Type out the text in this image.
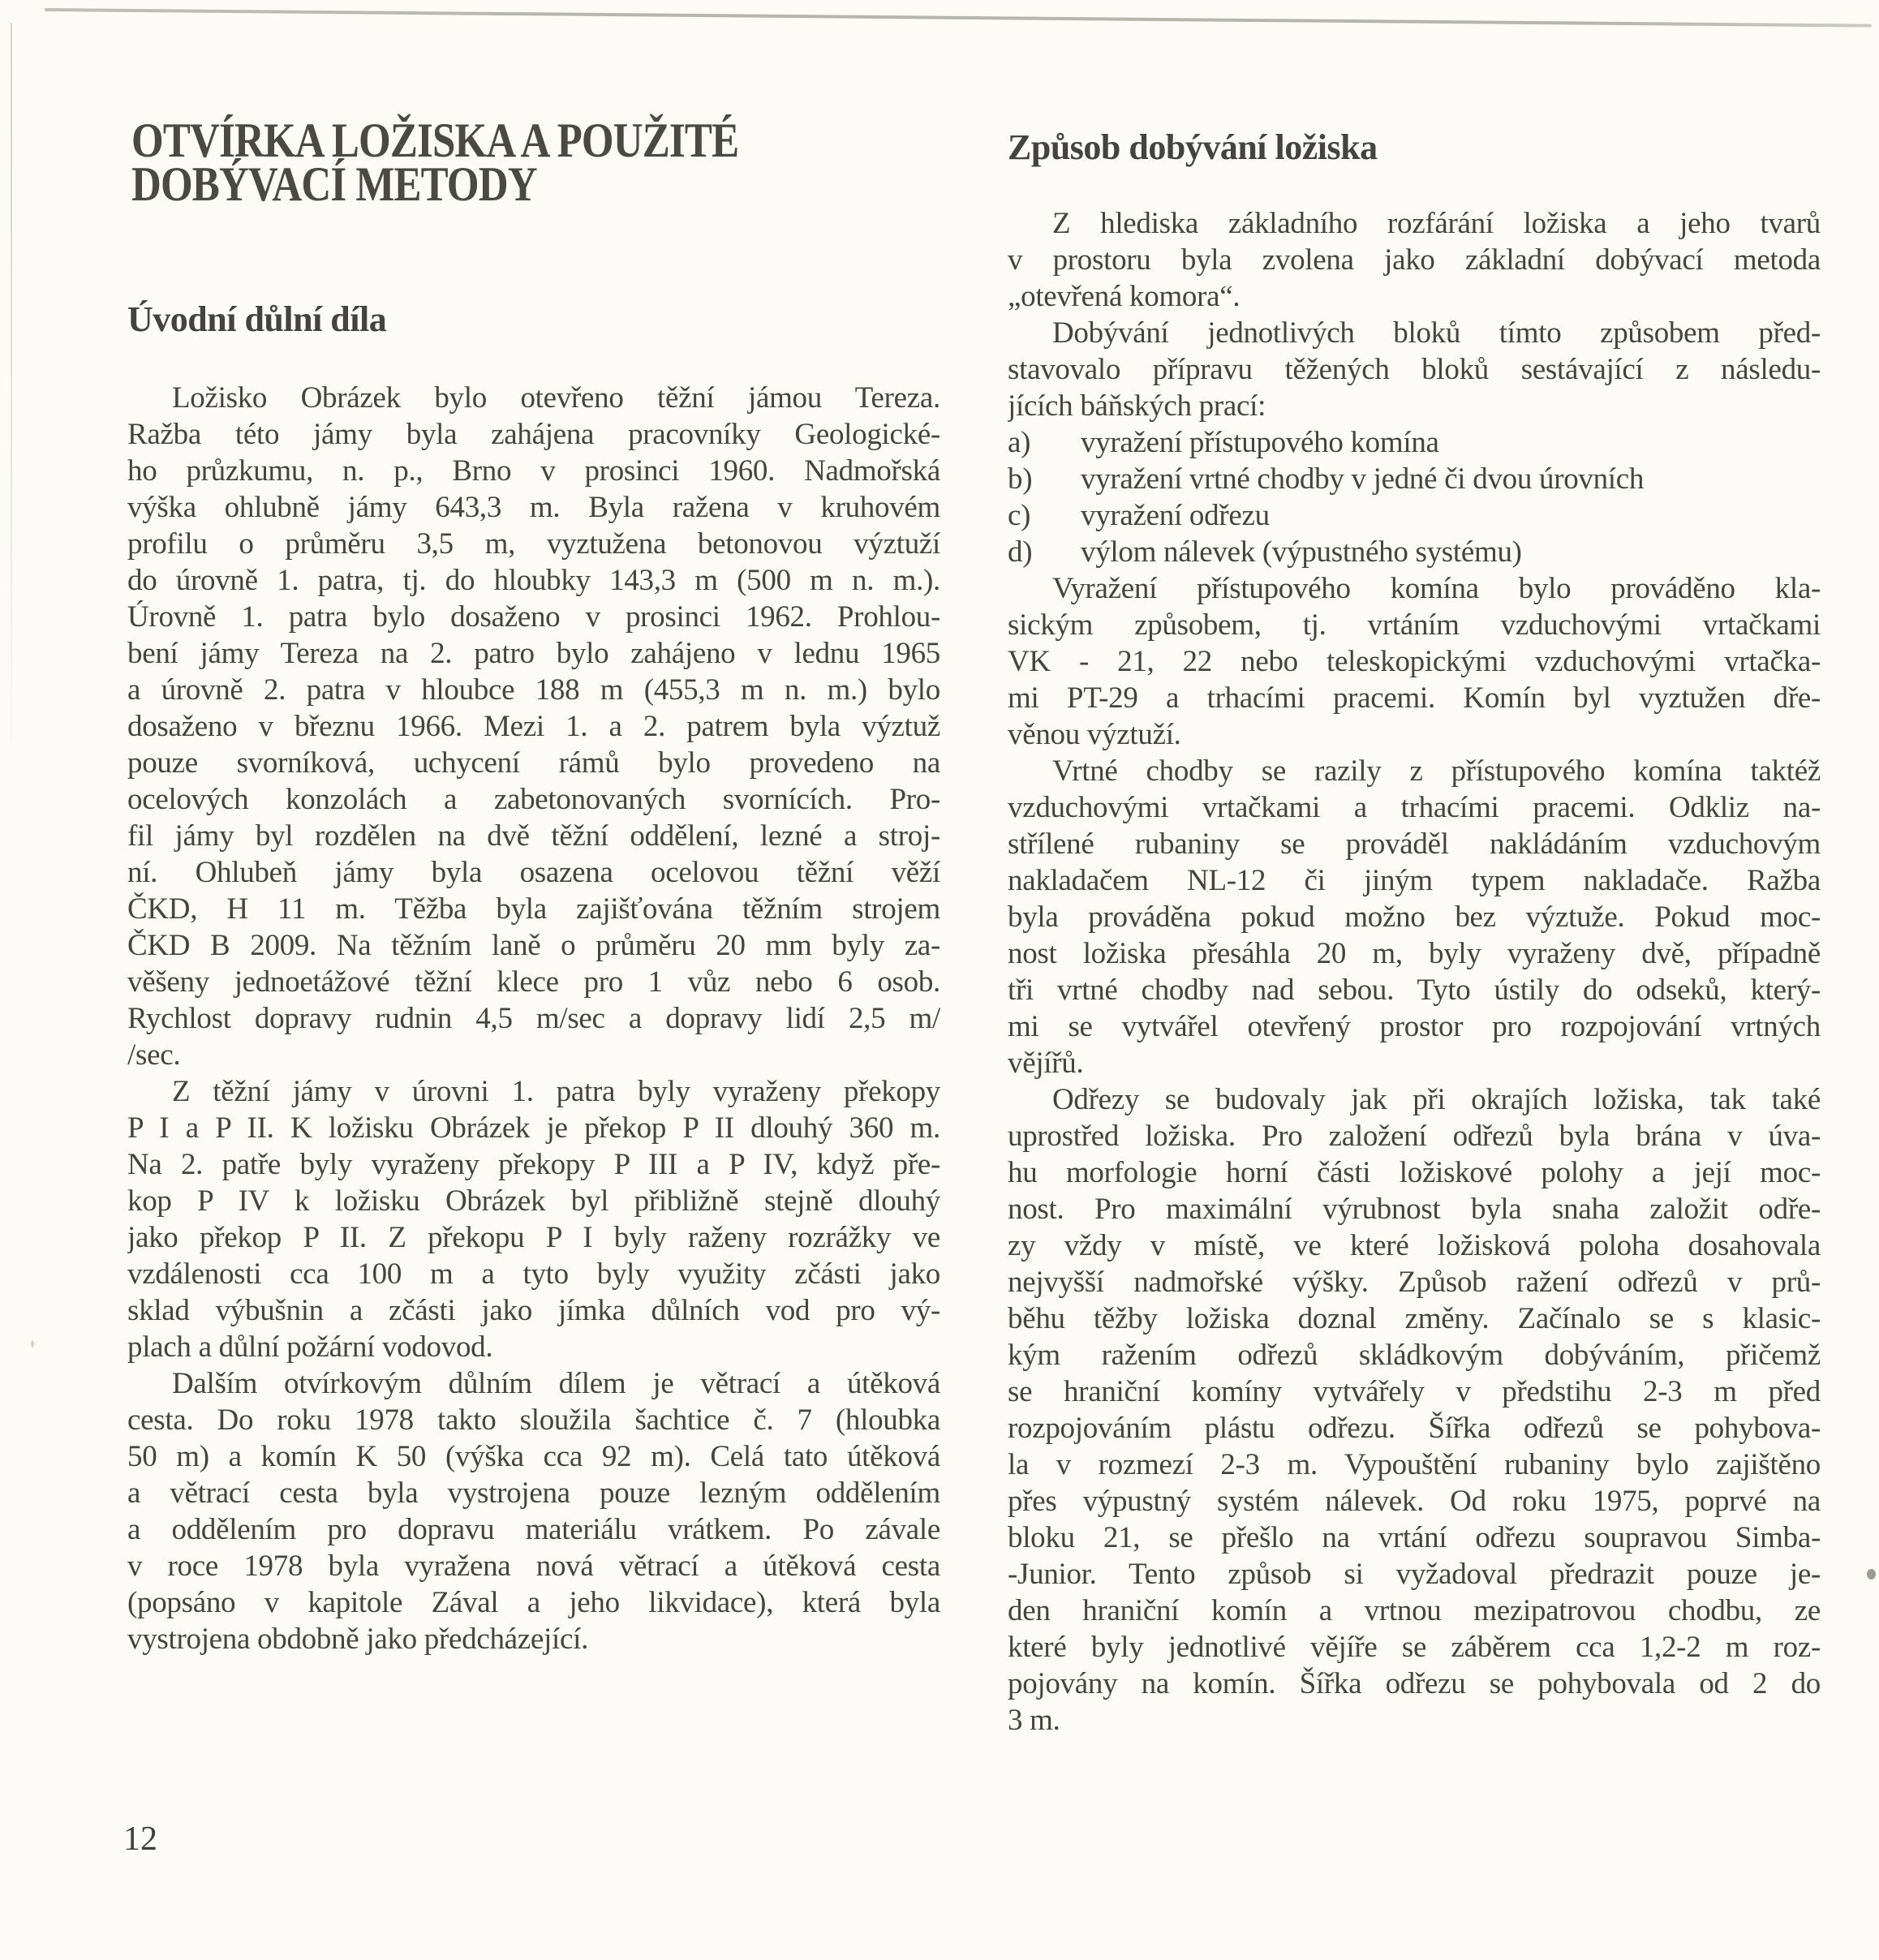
OTVÍRKA LOŽISKA A POUŽITÉ
DOBÝVACÍ METODY
Úvodní důlní díla
Ložisko Obrázek bylo otevřeno těžní jámou Tereza.
Ražba této jámy byla zahájena pracovníky Geologické-
ho průzkumu, n. p., Brno v prosinci 1960. Nadmořská
výška ohlubně jámy 643,3 m. Byla ražena v kruhovém
profilu o průměru 3,5 m, vyztužena betonovou výztuží
do úrovně 1. patra, tj. do hloubky 143,3 m (500 m n. m.).
Úrovně 1. patra bylo dosaženo v prosinci 1962. Prohlou-
bení jámy Tereza na 2. patro bylo zahájeno v lednu 1965
a úrovně 2. patra v hloubce 188 m (455,3 m n. m.) bylo
dosaženo v březnu 1966. Mezi 1. a 2. patrem byla výztuž
pouze svorníková, uchycení rámů bylo provedeno na
ocelových konzolách a zabetonovaných svornících. Pro-
fil jámy byl rozdělen na dvě těžní oddělení, lezné a stroj-
ní. Ohlubeň jámy byla osazena ocelovou těžní věží
ČKD, H 11 m. Těžba byla zajišťována těžním strojem
ČKD B 2009. Na těžním laně o průměru 20 mm byly za-
věšeny jednoetážové těžní klece pro 1 vůz nebo 6 osob.
Rychlost dopravy rudnin 4,5 m/sec a dopravy lidí 2,5 m/
/sec.
Z těžní jámy v úrovni 1. patra byly vyraženy překopy
P I a P II. K ložisku Obrázek je překop P II dlouhý 360 m.
Na 2. patře byly vyraženy překopy P III a P IV, když pře-
kop P IV k ložisku Obrázek byl přibližně stejně dlouhý
jako překop P II. Z překopu P I byly raženy rozrážky ve
vzdálenosti cca 100 m a tyto byly využity zčásti jako
sklad výbušnin a zčásti jako jímka důlních vod pro vý-
plach a důlní požární vodovod.
Dalším otvírkovým důlním dílem je větrací a útěková
cesta. Do roku 1978 takto sloužila šachtice č. 7 (hloubka
50 m) a komín K 50 (výška cca 92 m). Celá tato útěková
a větrací cesta byla vystrojena pouze lezným oddělením
a oddělením pro dopravu materiálu vrátkem. Po závale
v roce 1978 byla vyražena nová větrací a útěková cesta
(popsáno v kapitole Zával a jeho likvidace), která byla
vystrojena obdobně jako předcházející.
Způsob dobývání ložiska
Z hlediska základního rozfárání ložiska a jeho tvarů
v prostoru byla zvolena jako základní dobývací metoda
„otevřená komora“.
Dobývání jednotlivých bloků tímto způsobem před-
stavovalo přípravu těžených bloků sestávající z následu-
jících báňských prací:
a) vyražení přístupového komína
b) vyražení vrtné chodby v jedné či dvou úrovních
c) vyražení odřezu
d) výlom nálevek (výpustného systému)
Vyražení přístupového komína bylo prováděno kla-
sickým způsobem, tj. vrtáním vzduchovými vrtačkami
VK - 21, 22 nebo teleskopickými vzduchovými vrtačka-
mi PT-29 a trhacími pracemi. Komín byl vyztužen dře-
věnou výztuží.
Vrtné chodby se razily z přístupového komína taktéž
vzduchovými vrtačkami a trhacími pracemi. Odkliz na-
střílené rubaniny se prováděl nakládáním vzduchovým
nakladačem NL-12 či jiným typem nakladače. Ražba
byla prováděna pokud možno bez výztuže. Pokud moc-
nost ložiska přesáhla 20 m, byly vyraženy dvě, případně
tři vrtné chodby nad sebou. Tyto ústily do odseků, který-
mi se vytvářel otevřený prostor pro rozpojování vrtných
vějířů.
Odřezy se budovaly jak při okrajích ložiska, tak také
uprostřed ložiska. Pro založení odřezů byla brána v úva-
hu morfologie horní části ložiskové polohy a její moc-
nost. Pro maximální výrubnost byla snaha založit odře-
zy vždy v místě, ve které ložisková poloha dosahovala
nejvyšší nadmořské výšky. Způsob ražení odřezů v prů-
běhu těžby ložiska doznal změny. Začínalo se s klasic-
kým ražením odřezů skládkovým dobýváním, přičemž
se hraniční komíny vytvářely v předstihu 2-3 m před
rozpojováním plástu odřezu. Šířka odřezů se pohybova-
la v rozmezí 2-3 m. Vypouštění rubaniny bylo zajištěno
přes výpustný systém nálevek. Od roku 1975, poprvé na
bloku 21, se přešlo na vrtání odřezu soupravou Simba-
-Junior. Tento způsob si vyžadoval předrazit pouze je-
den hraniční komín a vrtnou mezipatrovou chodbu, ze
které byly jednotlivé vějíře se záběrem cca 1,2-2 m roz-
pojovány na komín. Šířka odřezu se pohybovala od 2 do
3 m.
12
